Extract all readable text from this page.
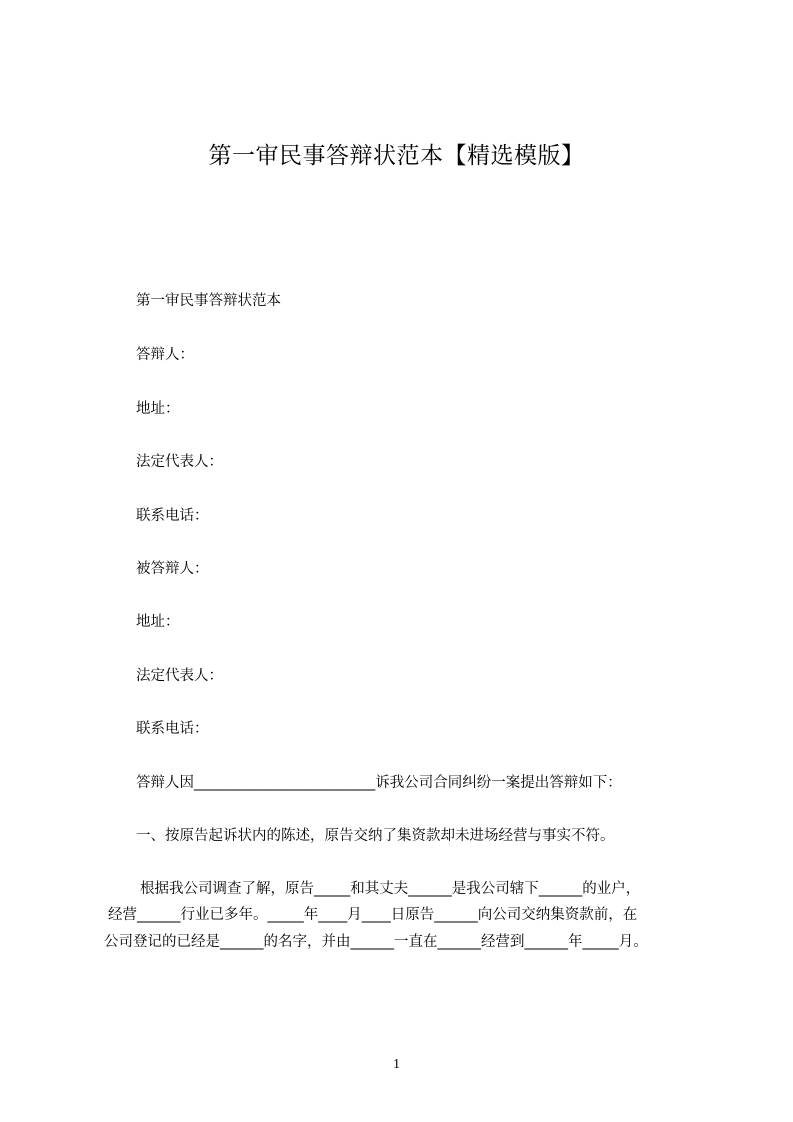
第一审民事答辩状范本【精选模版】
第一审民事答辩状范本
答辩人：
地址：
法定代表人：
联系电话：
被答辩人：
地址：
法定代表人：
联系电话：
答辩人因_________________________诉我公司合同纠纷一案提出答辩如下：
一、按原告起诉状内的陈述，原告交纳了集资款却未进场经营与事实不符。
根据我公司调查了解，原告_____和其丈夫______是我公司辖下______的业户，
经营______行业已多年。_____年____月____日原告______向公司交纳集资款前，在
公司登记的已经是______的名字，并由______一直在______经营到______年_____月。
1
